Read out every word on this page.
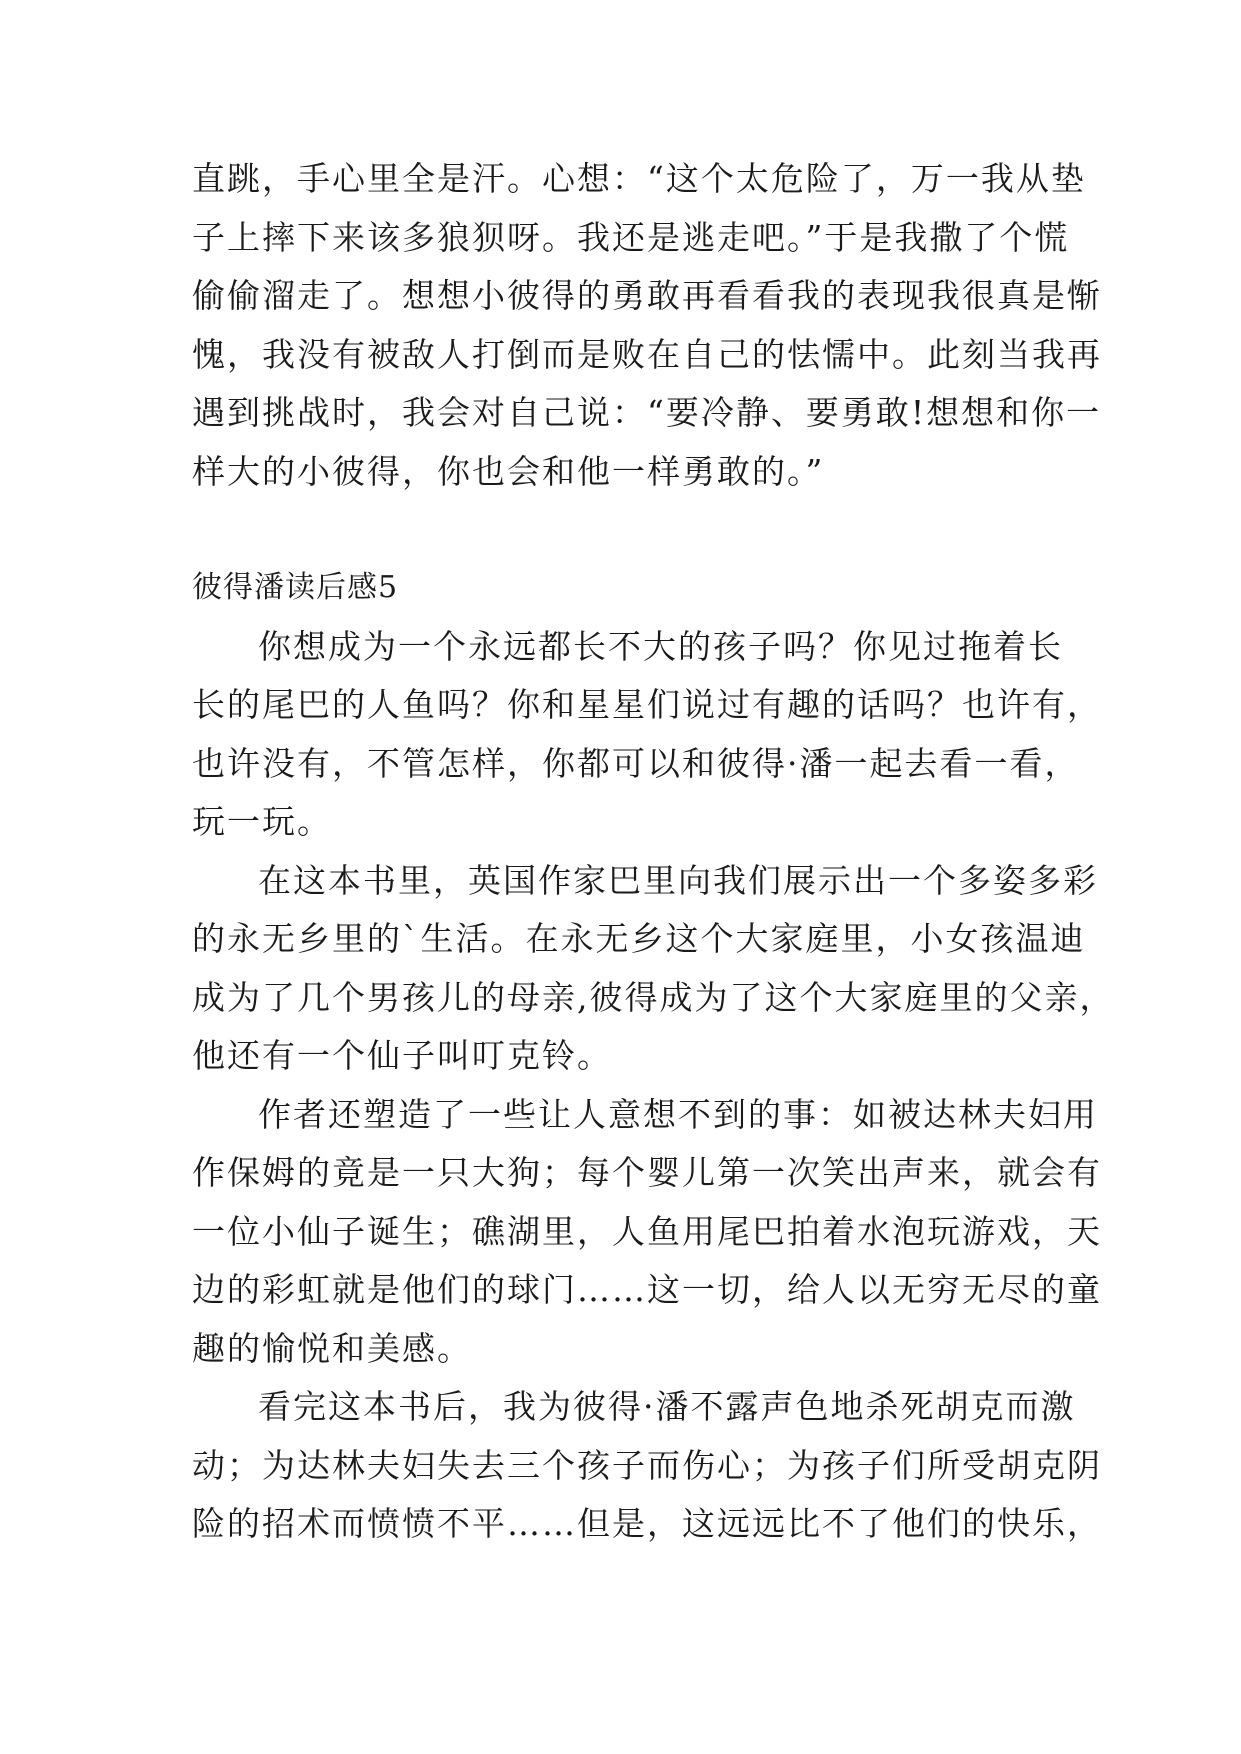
直跳，手心里全是汗。心想：“这个太危险了，万一我从垫
子上摔下来该多狼狈呀。我还是逃走吧。”于是我撒了个慌
偷偷溜走了。想想小彼得的勇敢再看看我的表现我很真是惭
愧，我没有被敌人打倒而是败在自己的怯懦中。此刻当我再
遇到挑战时，我会对自己说：“要冷静、要勇敢!想想和你一
样大的小彼得，你也会和他一样勇敢的。”
彼得潘读后感5
你想成为一个永远都长不大的孩子吗？你见过拖着长
长的尾巴的人鱼吗？你和星星们说过有趣的话吗？也许有，
也许没有，不管怎样，你都可以和彼得·潘一起去看一看，
玩一玩。
在这本书里，英国作家巴里向我们展示出一个多姿多彩
的永无乡里的`生活。在永无乡这个大家庭里，小女孩温迪
成为了几个男孩儿的母亲,彼得成为了这个大家庭里的父亲，
他还有一个仙子叫叮克铃。
作者还塑造了一些让人意想不到的事：如被达林夫妇用
作保姆的竟是一只大狗；每个婴儿第一次笑出声来，就会有
一位小仙子诞生；礁湖里，人鱼用尾巴拍着水泡玩游戏，天
边的彩虹就是他们的球门……这一切，给人以无穷无尽的童
趣的愉悦和美感。
看完这本书后，我为彼得·潘不露声色地杀死胡克而激
动；为达林夫妇失去三个孩子而伤心；为孩子们所受胡克阴
险的招术而愤愤不平……但是，这远远比不了他们的快乐，
